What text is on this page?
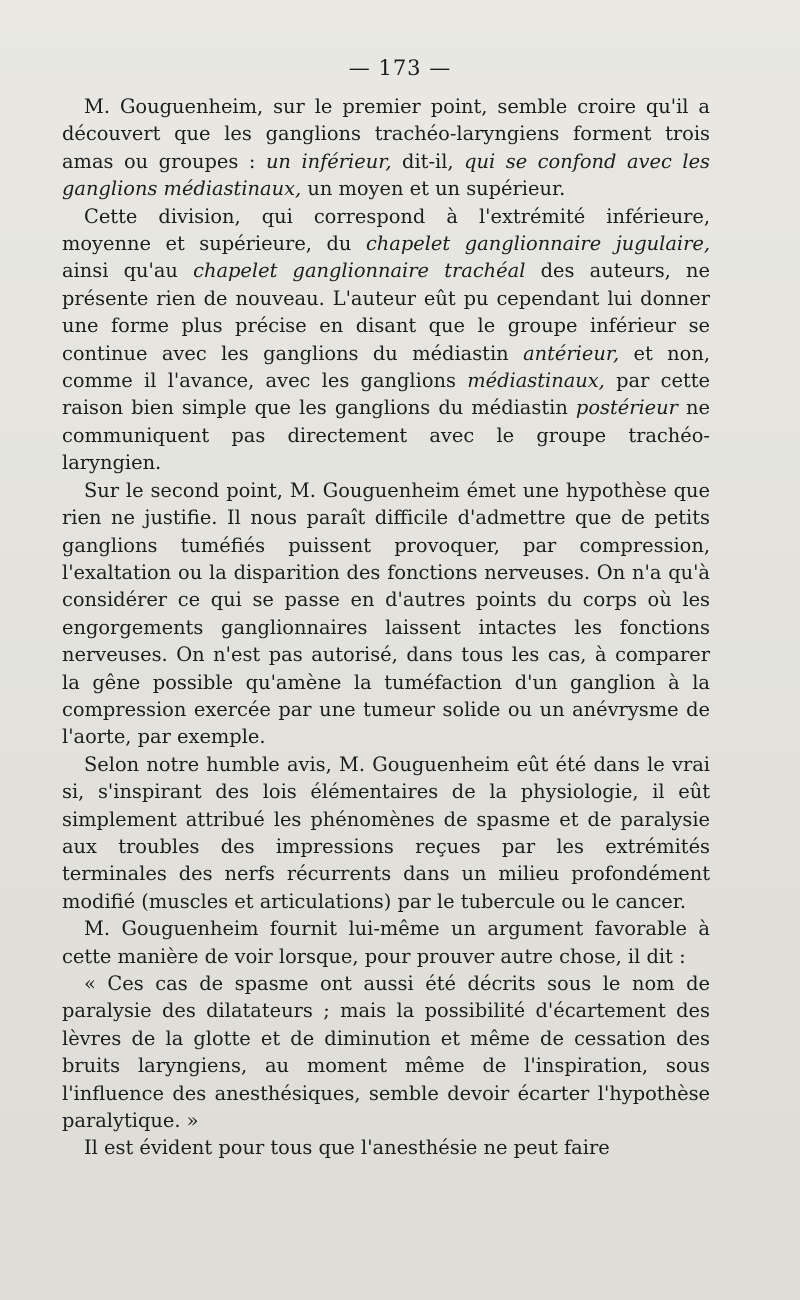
— 173 —

M. Gouguenheim, sur le premier point, semble croire qu'il a découvert que les ganglions trachéo-laryngiens forment trois amas ou groupes : un inférieur, dit-il, qui se confond avec les ganglions médiastinaux, un moyen et un supérieur.

Cette division, qui correspond à l'extrémité inférieure, moyenne et supérieure, du chapelet ganglionnaire jugulaire, ainsi qu'au chapelet ganglionnaire trachéal des auteurs, ne présente rien de nouveau. L'auteur eût pu cependant lui donner une forme plus précise en disant que le groupe inférieur se continue avec les ganglions du médiastin antérieur, et non, comme il l'avance, avec les ganglions médiastinaux, par cette raison bien simple que les ganglions du médiastin postérieur ne communiquent pas directement avec le groupe trachéo-laryngien.

Sur le second point, M. Gouguenheim émet une hypothèse que rien ne justifie. Il nous paraît difficile d'admettre que de petits ganglions tuméfiés puissent provoquer, par compression, l'exaltation ou la disparition des fonctions nerveuses. On n'a qu'à considérer ce qui se passe en d'autres points du corps où les engorgements ganglionnaires laissent intactes les fonctions nerveuses. On n'est pas autorisé, dans tous les cas, à comparer la gêne possible qu'amène la tuméfaction d'un ganglion à la compression exercée par une tumeur solide ou un anévrysme de l'aorte, par exemple.

Selon notre humble avis, M. Gouguenheim eût été dans le vrai si, s'inspirant des lois élémentaires de la physiologie, il eût simplement attribué les phénomènes de spasme et de paralysie aux troubles des impressions reçues par les extrémités terminales des nerfs récurrents dans un milieu profondément modifié (muscles et articulations) par le tubercule ou le cancer.

M. Gouguenheim fournit lui-même un argument favorable à cette manière de voir lorsque, pour prouver autre chose, il dit :

« Ces cas de spasme ont aussi été décrits sous le nom de paralysie des dilatateurs ; mais la possibilité d'écartement des lèvres de la glotte et de diminution et même de cessation des bruits laryngiens, au moment même de l'inspiration, sous l'influence des anesthésiques, semble devoir écarter l'hypothèse paralytique. »

Il est évident pour tous que l'anesthésie ne peut faire
